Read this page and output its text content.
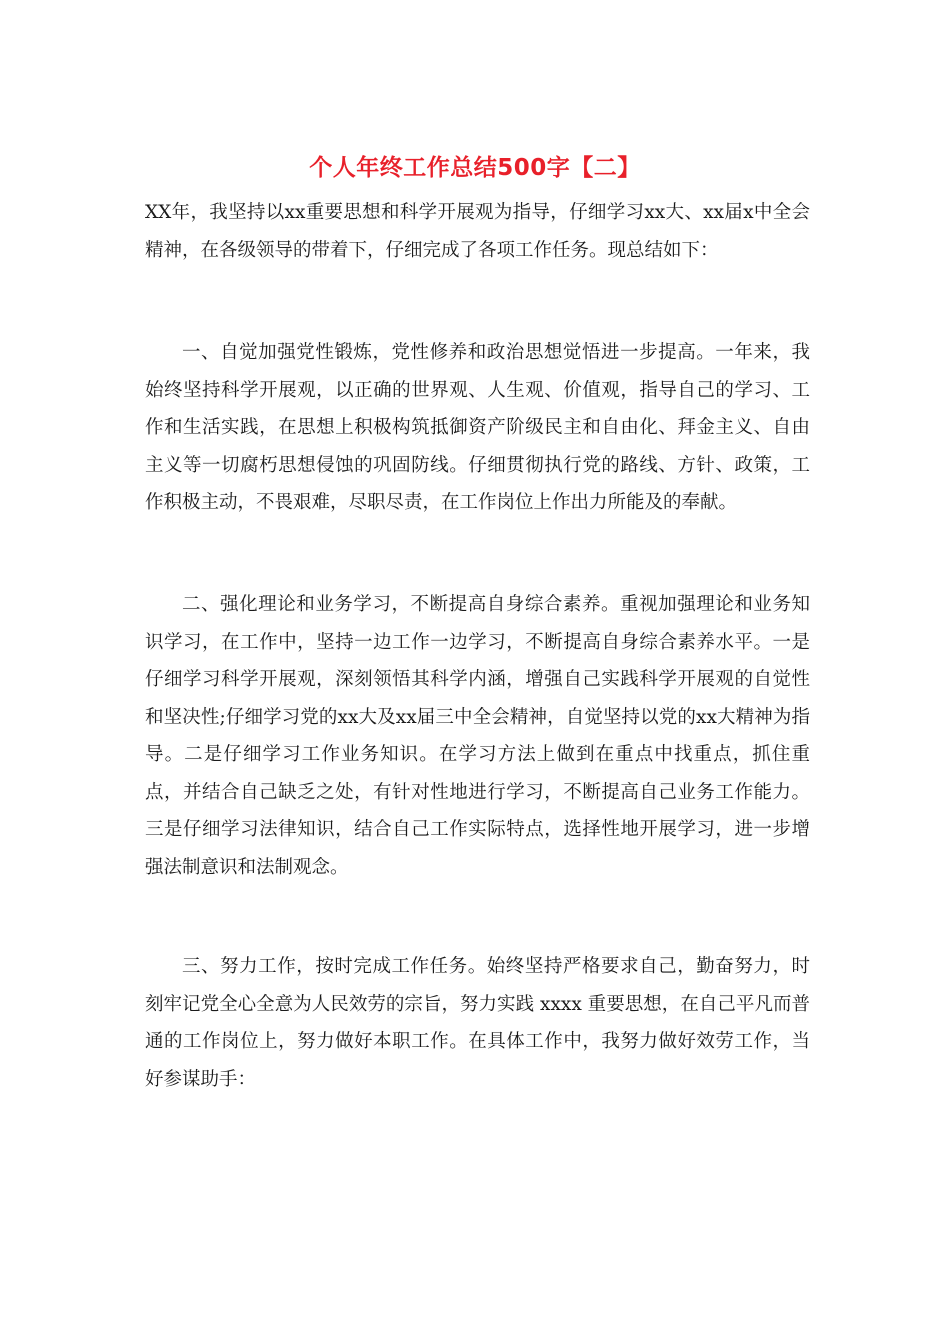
个人年终工作总结500字【二】
XX年，我坚持以xx重要思想和科学开展观为指导，仔细学习xx大、xx届x中全会精神，在各级领导的带着下，仔细完成了各项工作任务。现总结如下：
一、自觉加强党性锻炼，党性修养和政治思想觉悟进一步提高。一年来，我始终坚持科学开展观，以正确的世界观、人生观、价值观，指导自己的学习、工作和生活实践，在思想上积极构筑抵御资产阶级民主和自由化、拜金主义、自由主义等一切腐朽思想侵蚀的巩固防线。仔细贯彻执行党的路线、方针、政策，工作积极主动，不畏艰难，尽职尽责，在工作岗位上作出力所能及的奉献。
二、强化理论和业务学习，不断提高自身综合素养。重视加强理论和业务知识学习，在工作中，坚持一边工作一边学习，不断提高自身综合素养水平。一是仔细学习科学开展观，深刻领悟其科学内涵，增强自己实践科学开展观的自觉性和坚决性;仔细学习党的xx大及xx届三中全会精神，自觉坚持以党的xx大精神为指导。二是仔细学习工作业务知识。在学习方法上做到在重点中找重点，抓住重点，并结合自己缺乏之处，有针对性地进行学习，不断提高自己业务工作能力。三是仔细学习法律知识，结合自己工作实际特点，选择性地开展学习，进一步增强法制意识和法制观念。
三、努力工作，按时完成工作任务。始终坚持严格要求自己，勤奋努力，时刻牢记党全心全意为人民效劳的宗旨，努力实践 xxxx 重要思想，在自己平凡而普通的工作岗位上，努力做好本职工作。在具体工作中，我努力做好效劳工作，当好参谋助手：
